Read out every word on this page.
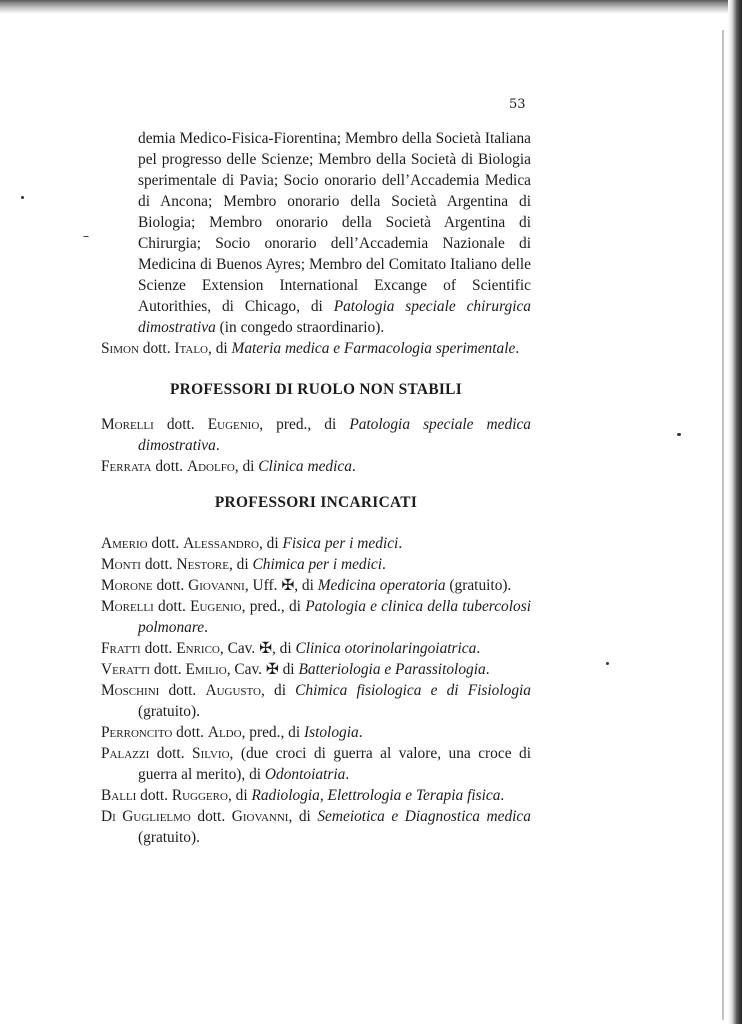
53

demia Medico-Fisica-Fiorentina; Membro della Società Italiana pel progresso delle Scienze; Membro della Società di Biologia sperimentale di Pavia; Socio onorario dell’Accademia Medica di Ancona; Membro onorario della Società Argentina di Biologia; Membro onorario della Società Argentina di Chirurgia; Socio onorario dell’Accademia Nazionale di Medicina di Buenos Ayres; Membro del Comitato Italiano delle Scienze Extension International Excange of Scientific Autorithies, di Chicago, di Patologia speciale chirurgica dimostrativa (in congedo straordinario).

Simon dott. Italo, di Materia medica e Farmacologia sperimentale.

PROFESSORI DI RUOLO NON STABILI

Morelli dott. Eugenio, pred., di Patologia speciale medica dimostrativa.

Ferrata dott. Adolfo, di Clinica medica.

PROFESSORI INCARICATI

Amerio dott. Alessandro, di Fisica per i medici.

Monti dott. Nestore, di Chimica per i medici.

Morone dott. Giovanni, Uff. ✠, di Medicina operatoria (gratuito).

Morelli dott. Eugenio, pred., di Patologia e clinica della tubercolosi polmonare.

Fratti dott. Enrico, Cav. ✠, di Clinica otorinolaringoiatrica.

Veratti dott. Emilio, Cav. ✠ di Batteriologia e Parassitologia.

Moschini dott. Augusto, di Chimica fisiologica e di Fisiologia (gratuito).

Perroncito dott. Aldo, pred., di Istologia.

Palazzi dott. Silvio, (due croci di guerra al valore, una croce di guerra al merito), di Odontoiatria.

Balli dott. Ruggero, di Radiologia, Elettrologia e Terapia fisica.

Di Guglielmo dott. Giovanni, di Semeiotica e Diagnostica medica (gratuito).
